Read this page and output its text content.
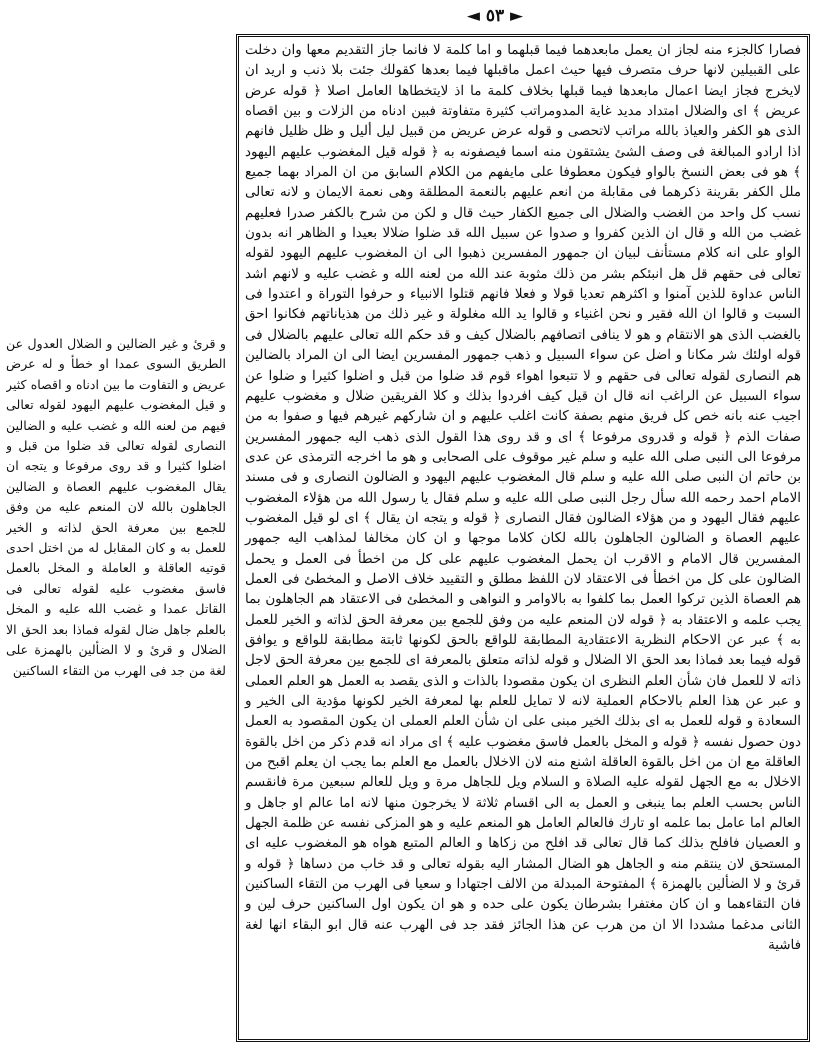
◄ ٥٣ ►

فصارا كالجزء منه لجاز ان يعمل مابعدهما فيما قبلهما و اما كلمة لا فانما جاز التقديم معها وان دخلت على القبيلين لانها حرف متصرف فيها حيث اعمل ماقبلها فيما بعدها كقولك جئت بلا ذنب و اريد ان لايخرج فجاز ايضا اعمال مابعدها فيما قبلها بخلاف كلمة ما اذ لايتخطاها العامل اصلا ﴿ قوله عرض عريض ﴾ اى والضلال امتداد مديد غاية المدومراتب كثيرة متفاوتة فبين ادناه من الزلات و بين اقصاه الذى هو الكفر والعياذ بالله مراتب لاتحصى و قوله عرض عريض من قبيل ليل أليل و ظل ظليل فانهم اذا ارادو المبالغة فى وصف الشئ يشتقون منه اسما فيصفونه به ﴿ قوله قيل المغضوب عليهم اليهود ﴾ هو فى بعض النسخ بالواو فيكون معطوفا على مايفهم من الكلام السابق من ان المراد بهما جميع ملل الكفر بقرينة ذكرهما فى مقابلة من انعم عليهم بالنعمة المطلقة وهى نعمة الايمان و لانه تعالى نسب كل واحد من الغضب والضلال الى جميع الكفار حيث قال و لكن من شرح بالكفر صدرا فعليهم غضب من الله و قال ان الذين كفروا و صدوا عن سبيل الله قد ضلوا ضلالا بعيدا و الظاهر انه بدون الواو على انه كلام مستأنف لبيان ان جمهور المفسرين ذهبوا الى ان المغضوب عليهم اليهود لقوله تعالى فى حقهم قل هل انبئكم بشر من ذلك مثوبة عند الله من لعنه الله و غضب عليه و لانهم اشد الناس عداوة للذين آمنوا و اكثرهم تعديا قولا و فعلا فانهم قتلوا الانبياء و حرفوا التوراة و اعتدوا فى السبت و قالوا ان الله فقير و نحن اغنياء و قالوا يد الله مغلولة و غير ذلك من هذياناتهم فكانوا احق بالغضب الذى هو الانتقام و هو لا ينافى اتصافهم بالضلال كيف و قد حكم الله تعالى عليهم بالضلال فى قوله اولئك شر مكانا و اضل عن سواء السبيل و ذهب جمهور المفسرين ايضا الى ان المراد بالضالين هم النصارى لقوله تعالى فى حقهم و لا تتبعوا اهواء قوم قد ضلوا من قبل و اضلوا كثيرا و ضلوا عن سواء السبيل عن الراغب انه قال ان قيل كيف افردوا بذلك و كلا الفريقين ضلال و مغضوب عليهم اجيب عنه بانه خص كل فريق منهم بصفة كانت اغلب عليهم و ان شاركهم غيرهم فيها و صفوا به من صفات الذم ﴿ قوله و قدروى مرفوعا ﴾ اى و قد روى هذا القول الذى ذهب اليه جمهور المفسرين مرفوعا الى النبى صلى الله عليه و سلم غير موقوف على الصحابى و هو ما اخرجه الترمذى عن عدى بن حاتم ان النبى صلى الله عليه و سلم قال المغضوب عليهم اليهود و الضالون النصارى و فى مسند الامام احمد رحمه الله سأل رجل النبى صلى الله عليه و سلم فقال يا رسول الله من هؤلاء المغضوب عليهم فقال اليهود و من هؤلاء الضالون فقال النصارى ﴿ قوله و يتجه ان يقال ﴾ اى لو قيل المغضوب عليهم العصاة و الضالون الجاهلون بالله لكان كلاما موجها و ان كان مخالفا لمذاهب اليه جمهور المفسرين قال الامام و الاقرب ان يحمل المغضوب عليهم على كل من اخطأ فى العمل و يحمل الضالون على كل من اخطأ فى الاعتقاد لان اللفظ مطلق و التقييد خلاف الاصل و المخطئ فى العمل هم العصاة الذين تركوا العمل بما كلفوا به بالاوامر و النواهى و المخطئ فى الاعتقاد هم الجاهلون بما يجب علمه و الاعتقاد به ﴿ قوله لان المنعم عليه من وفق للجمع بين معرفة الحق لذاته و الخير للعمل به ﴾ عبر عن الاحكام النظرية الاعتقادية المطابقة للواقع بالحق لكونها ثابتة مطابقة للواقع و يوافق قوله فيما بعد فماذا بعد الحق الا الضلال و قوله لذاته متعلق بالمعرفة اى للجمع بين معرفة الحق لاجل ذاته لا للعمل فان شأن العلم النظرى ان يكون مقصودا بالذات و الذى يقصد به العمل هو العلم العملى و عبر عن هذا العلم بالاحكام العملية لانه لا تمايل للعلم بها لمعرفة الخير لكونها مؤدية الى الخير و السعادة و قوله للعمل به اى بذلك الخير مبنى على ان شأن العلم العملى ان يكون المقصود به العمل دون حصول نفسه ﴿ قوله و المخل بالعمل فاسق مغضوب عليه ﴾ اى مراد انه قدم ذكر من اخل بالقوة العاقلة مع ان من اخل بالقوة العاقلة اشنع منه لان الاخلال بالعمل مع العلم بما يجب ان يعلم اقبح من الاخلال به مع الجهل لقوله عليه الصلاة و السلام ويل للجاهل مرة و ويل للعالم سبعين مرة فانقسم الناس بحسب العلم بما ينبغى و العمل به الى اقسام ثلاثة لا يخرجون منها لانه اما عالم او جاهل و العالم اما عامل بما علمه او تارك فالعالم العامل هو المنعم عليه و هو المزكى نفسه عن ظلمة الجهل و العصيان فافلح بذلك كما قال تعالى قد افلح من زكاها و العالم المتبع هواه هو المغضوب عليه اى المستحق لان ينتقم منه و الجاهل هو الضال المشار اليه بقوله تعالى و قد خاب من دساها ﴿ قوله و قرئ و لا الضألين بالهمزة ﴾ المفتوحة المبدلة من الالف اجتهادا و سعيا فى الهرب من التقاء الساكنين فان التقاءهما و ان كان مغتفرا بشرطان يكون على حده و هو ان يكون اول الساكنين حرف لين و الثانى مدغما مشددا الا ان من هرب عن هذا الجائز فقد جد فى الهرب عنه قال ابو البقاء انها لغة فاشية

و قرئ و غير الضالين و الضلال العدول عن الطريق السوى عمدا او خطأ و له عرض عريض و التفاوت ما بين ادناه و اقصاه كثير و قيل المغضوب عليهم اليهود لقوله تعالى فيهم من لعنه الله و غضب عليه و الضالين النصارى لقوله تعالى قد ضلوا من قبل و اضلوا كثيرا و قد روى مرفوعا و يتجه ان يقال المغضوب عليهم العصاة و الضالين الجاهلون بالله لان المنعم عليه من وفق للجمع بين معرفة الحق لذاته و الخير للعمل به و كان المقابل له من اختل احدى قوتيه العاقلة و العاملة و المخل بالعمل فاسق مغضوب عليه لقوله تعالى فى القاتل عمدا و غضب الله عليه و المخل بالعلم جاهل ضال لقوله فماذا بعد الحق الا الضلال و قرئ و لا الضألين بالهمزة على لغة من جد فى الهرب من التقاء الساكنين
